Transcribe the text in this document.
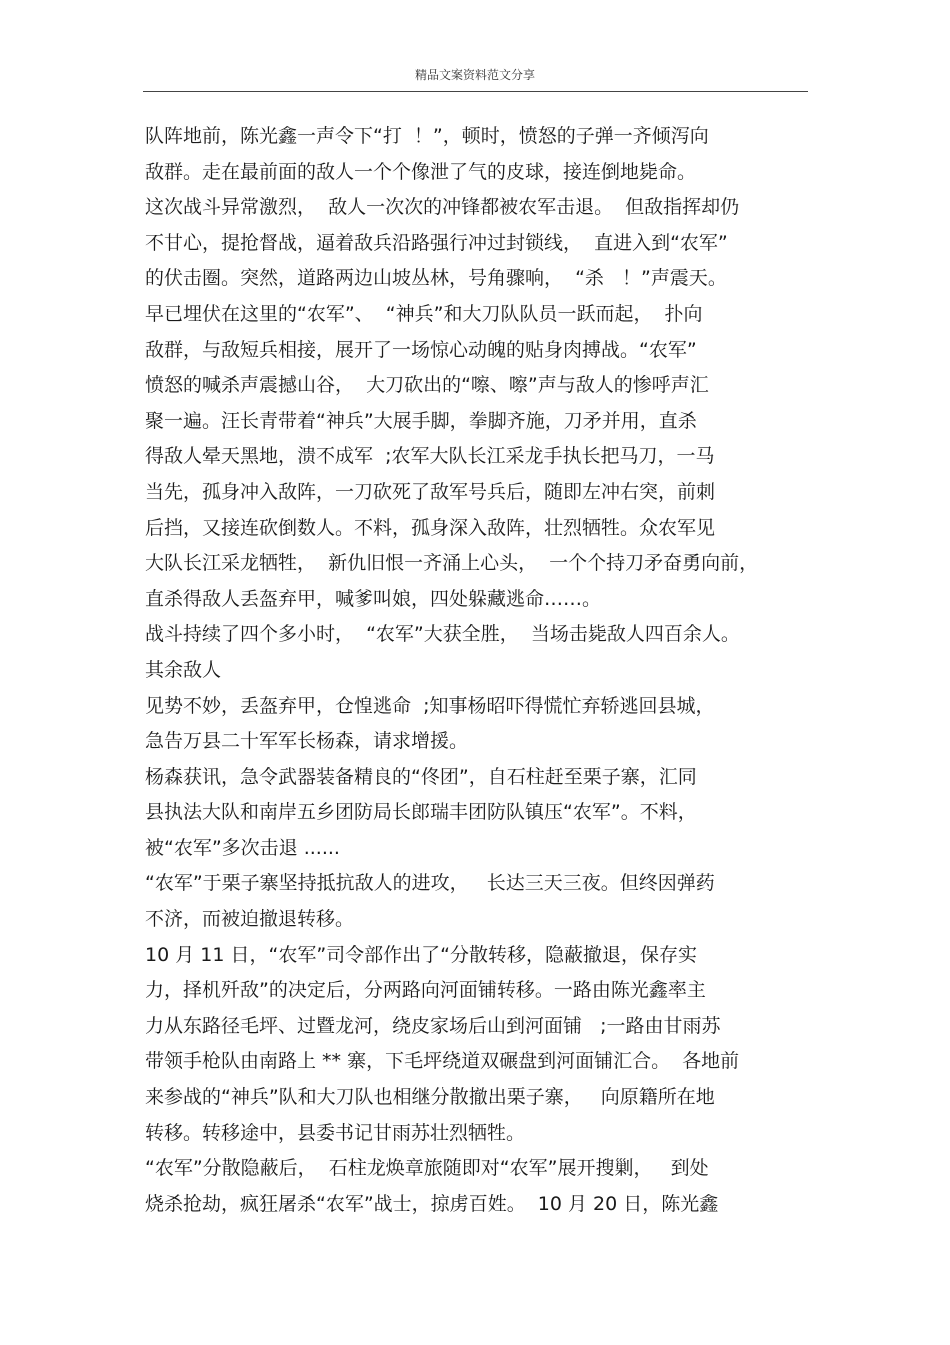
精品文案资料范文分享
队阵地前，陈光鑫一声令下“打  ！”，顿时，愤怒的子弹一齐倾泻向
敌群。走在最前面的敌人一个个像泄了气的皮球，接连倒地毙命。
这次战斗异常激烈，  敌人一次次的冲锋都被农军击退。  但敌指挥却仍
不甘心，提抢督战，逼着敌兵沿路强行冲过封锁线，  直进入到“农军”
的伏击圈。突然，道路两边山坡丛林，号角骤响，  “杀   ！”声震天。
早已埋伏在这里的“农军”、  “神兵”和大刀队队员一跃而起，  扑向
敌群，与敌短兵相接，展开了一场惊心动魄的贴身肉搏战。“农军”
愤怒的喊杀声震撼山谷，  大刀砍出的“嚓、嚓”声与敌人的惨呼声汇
聚一遍。汪长青带着“神兵”大展手脚，拳脚齐施，刀矛并用，直杀
得敌人晕天黑地，溃不成军  ;农军大队长江采龙手执长把马刀，一马
当先，孤身冲入敌阵，一刀砍死了敌军号兵后，随即左冲右突，前刺
后挡，又接连砍倒数人。不料，孤身深入敌阵，壮烈牺牲。众农军见
大队长江采龙牺牲，  新仇旧恨一齐涌上心头，  一个个持刀矛奋勇向前，
直杀得敌人丢盔弃甲，喊爹叫娘，四处躲藏逃命……。
战斗持续了四个多小时，  “农军”大获全胜，  当场击毙敌人四百余人。
其余敌人
见势不妙，丢盔弃甲，仓惶逃命  ;知事杨昭吓得慌忙弃轿逃回县城，
急告万县二十军军长杨森，请求增援。
杨森获讯，急令武器装备精良的“佟团”，自石柱赶至栗子寨，汇同
县执法大队和南岸五乡团防局长郎瑞丰团防队镇压“农军”。不料，
被“农军”多次击退 ......
“农军”于栗子寨坚持抵抗敌人的进攻，   长达三天三夜。但终因弹药
不济，而被迫撤退转移。
10 月 11 日，“农军”司令部作出了“分散转移，隐蔽撤退，保存实
力，择机歼敌”的决定后，分两路向河面铺转移。一路由陈光鑫率主
力从东路径毛坪、过暨龙河，绕皮家场后山到河面铺   ;一路由甘雨苏
带领手枪队由南路上 ** 寨，下毛坪绕道双碾盘到河面铺汇合。  各地前
来参战的“神兵”队和大刀队也相继分散撤出栗子寨，   向原籍所在地
转移。转移途中，县委书记甘雨苏壮烈牺牲。
“农军”分散隐蔽后，  石柱龙焕章旅随即对“农军”展开搜剿，   到处
烧杀抢劫，疯狂屠杀“农军”战士，掠虏百姓。  10 月 20 日，陈光鑫
